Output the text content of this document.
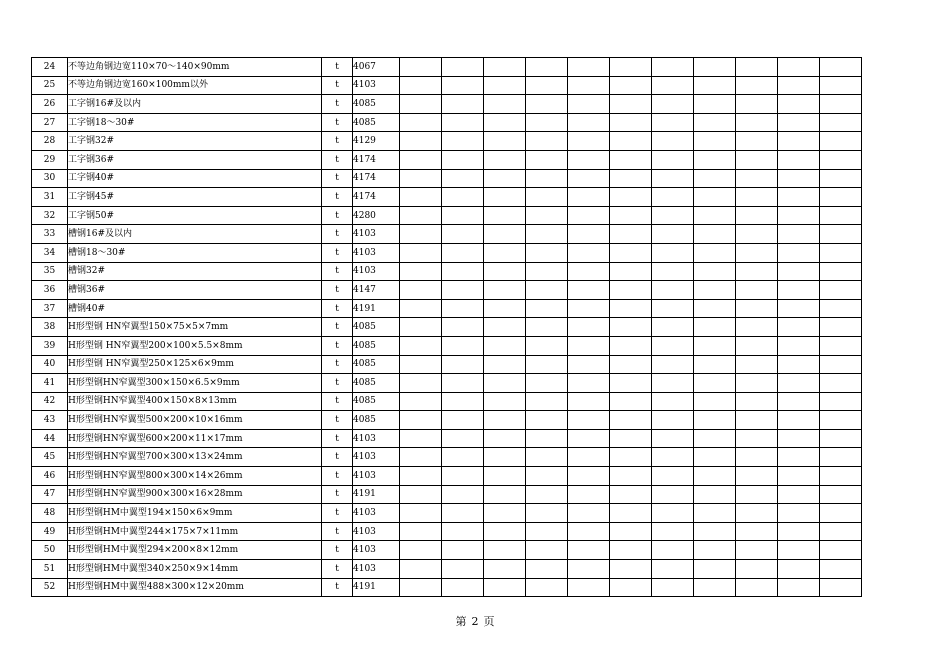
24	不等边角钢边宽110×70～140×90mm	t	4067											
25	不等边角钢边宽160×100mm以外	t	4103											
26	工字钢16#及以内	t	4085											
27	工字钢18～30#	t	4085											
28	工字钢32#	t	4129											
29	工字钢36#	t	4174											
30	工字钢40#	t	4174											
31	工字钢45#	t	4174											
32	工字钢50#	t	4280											
33	槽钢16#及以内	t	4103											
34	槽钢18～30#	t	4103											
35	槽钢32#	t	4103											
36	槽钢36#	t	4147											
37	槽钢40#	t	4191											
38	H形型钢 HN窄翼型150×75×5×7mm	t	4085											
39	H形型钢 HN窄翼型200×100×5.5×8mm	t	4085											
40	H形型钢 HN窄翼型250×125×6×9mm	t	4085											
41	H形型钢HN窄翼型300×150×6.5×9mm	t	4085											
42	H形型钢HN窄翼型400×150×8×13mm	t	4085											
43	H形型钢HN窄翼型500×200×10×16mm	t	4085											
44	H形型钢HN窄翼型600×200×11×17mm	t	4103											
45	H形型钢HN窄翼型700×300×13×24mm	t	4103											
46	H形型钢HN窄翼型800×300×14×26mm	t	4103											
47	H形型钢HN窄翼型900×300×16×28mm	t	4191											
48	H形型钢HM中翼型194×150×6×9mm	t	4103											
49	H形型钢HM中翼型244×175×7×11mm	t	4103											
50	H形型钢HM中翼型294×200×8×12mm	t	4103											
51	H形型钢HM中翼型340×250×9×14mm	t	4103											
52	H形型钢HM中翼型488×300×12×20mm	t	4191											
第 2 页
